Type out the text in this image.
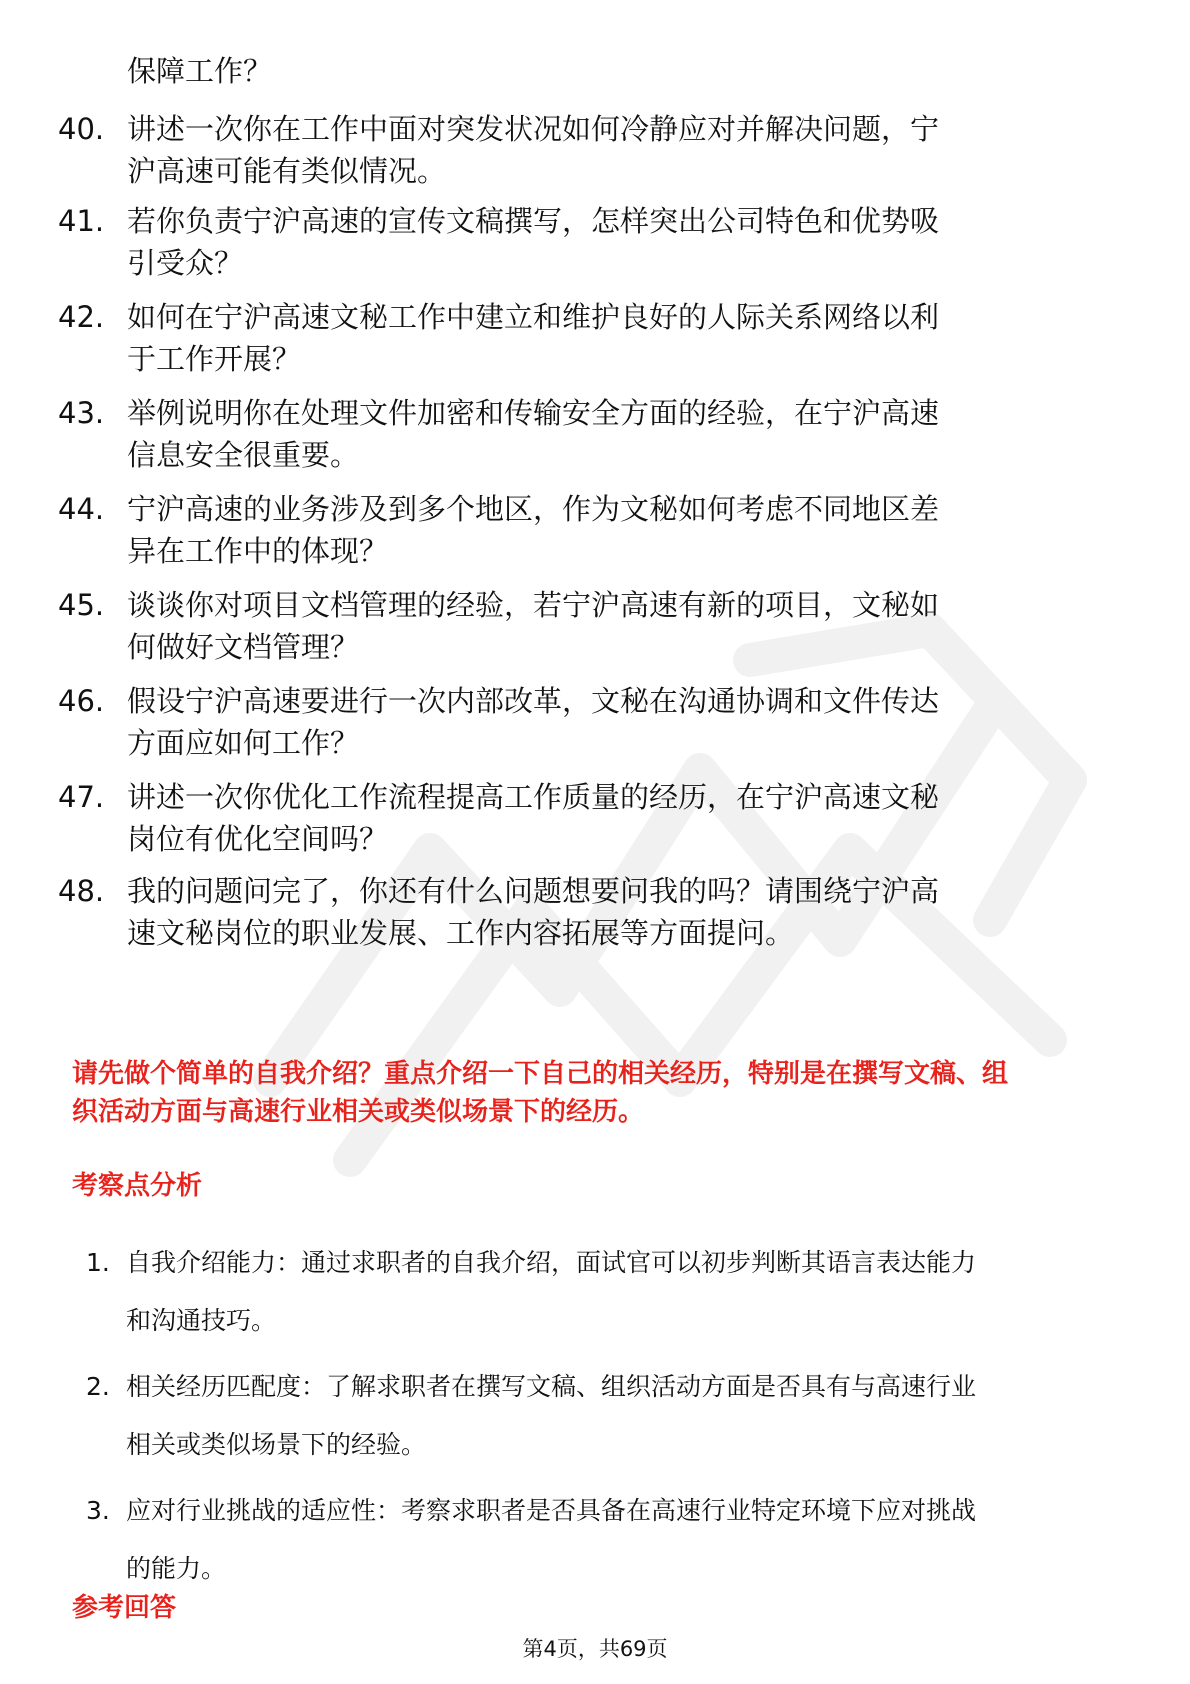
保障工作？
40. 讲述一次你在工作中面对突发状况如何冷静应对并解决问题，宁
沪高速可能有类似情况。
41. 若你负责宁沪高速的宣传文稿撰写，怎样突出公司特色和优势吸
引受众？
42. 如何在宁沪高速文秘工作中建立和维护良好的人际关系网络以利
于工作开展？
43. 举例说明你在处理文件加密和传输安全方面的经验，在宁沪高速
信息安全很重要。
44. 宁沪高速的业务涉及到多个地区，作为文秘如何考虑不同地区差
异在工作中的体现？
45. 谈谈你对项目文档管理的经验，若宁沪高速有新的项目，文秘如
何做好文档管理？
46. 假设宁沪高速要进行一次内部改革，文秘在沟通协调和文件传达
方面应如何工作？
47. 讲述一次你优化工作流程提高工作质量的经历，在宁沪高速文秘
岗位有优化空间吗？
48. 我的问题问完了，你还有什么问题想要问我的吗？请围绕宁沪高
速文秘岗位的职业发展、工作内容拓展等方面提问。
请先做个简单的自我介绍？重点介绍一下自己的相关经历，特别是在撰写文稿、组
织活动方面与高速行业相关或类似场景下的经历。
考察点分析
1. 自我介绍能力：通过求职者的自我介绍，面试官可以初步判断其语言表达能力
和沟通技巧。
2. 相关经历匹配度：了解求职者在撰写文稿、组织活动方面是否具有与高速行业
相关或类似场景下的经验。
3. 应对行业挑战的适应性：考察求职者是否具备在高速行业特定环境下应对挑战
的能力。
参考回答
第4页，共69页
